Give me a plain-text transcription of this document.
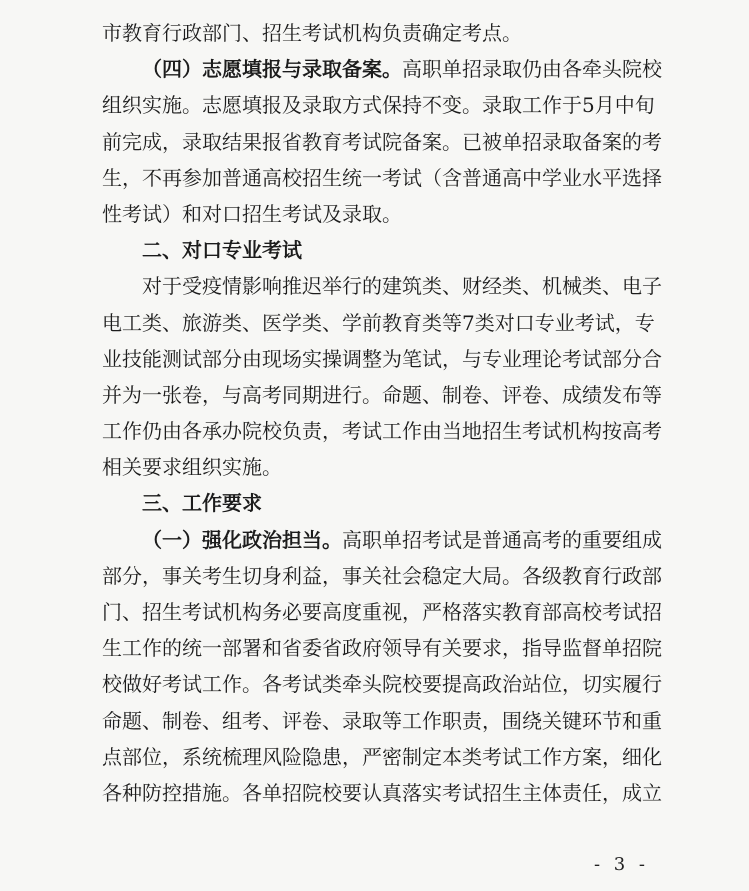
市教育行政部门、招生考试机构负责确定考点。
（四）志愿填报与录取备案。高职单招录取仍由各牵头院校
组织实施。志愿填报及录取方式保持不变。录取工作于5月中旬
前完成，录取结果报省教育考试院备案。已被单招录取备案的考
生，不再参加普通高校招生统一考试（含普通高中学业水平选择
性考试）和对口招生考试及录取。
二、对口专业考试
对于受疫情影响推迟举行的建筑类、财经类、机械类、电子
电工类、旅游类、医学类、学前教育类等7类对口专业考试，专
业技能测试部分由现场实操调整为笔试，与专业理论考试部分合
并为一张卷，与高考同期进行。命题、制卷、评卷、成绩发布等
工作仍由各承办院校负责，考试工作由当地招生考试机构按高考
相关要求组织实施。
三、工作要求
（一）强化政治担当。高职单招考试是普通高考的重要组成
部分，事关考生切身利益，事关社会稳定大局。各级教育行政部
门、招生考试机构务必要高度重视，严格落实教育部高校考试招
生工作的统一部署和省委省政府领导有关要求，指导监督单招院
校做好考试工作。各考试类牵头院校要提高政治站位，切实履行
命题、制卷、组考、评卷、录取等工作职责，围绕关键环节和重
点部位，系统梳理风险隐患，严密制定本类考试工作方案，细化
各种防控措施。各单招院校要认真落实考试招生主体责任，成立
- 3 -
